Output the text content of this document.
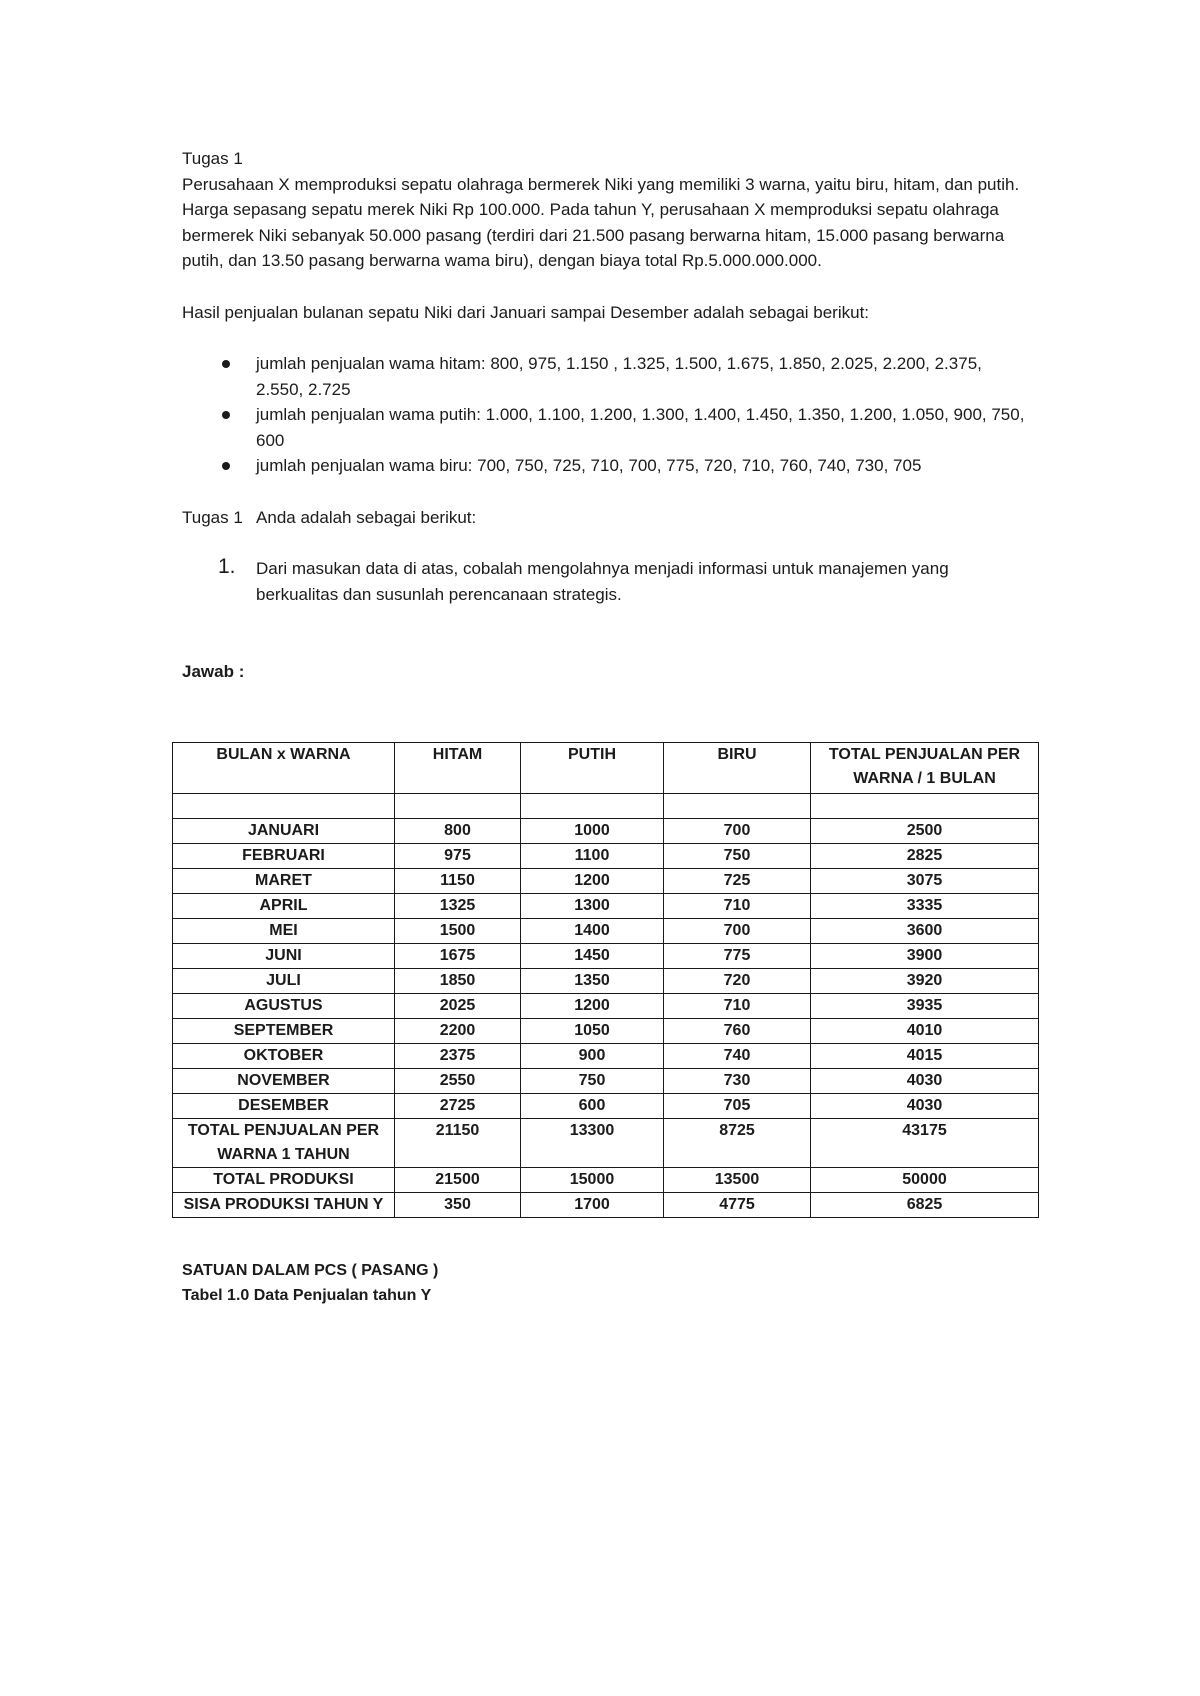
Tugas 1

Perusahaan X memproduksi sepatu olahraga bermerek Niki yang memiliki 3 warna, yaitu biru, hitam, dan putih. Harga sepasang sepatu merek Niki Rp 100.000. Pada tahun Y, perusahaan X memproduksi sepatu olahraga bermerek Niki sebanyak 50.000 pasang (terdiri dari 21.500 pasang berwarna hitam, 15.000 pasang berwarna putih, dan 13.50 pasang berwarna wama biru), dengan biaya total Rp.5.000.000.000.

Hasil penjualan bulanan sepatu Niki dari Januari sampai Desember adalah sebagai berikut:

jumlah penjualan wama hitam: 800, 975, 1.150 , 1.325, 1.500, 1.675, 1.850, 2.025, 2.200, 2.375, 2.550, 2.725
jumlah penjualan wama putih: 1.000, 1.100, 1.200, 1.300, 1.400, 1.450, 1.350, 1.200, 1.050, 900, 750, 600
jumlah penjualan wama biru: 700, 750, 725, 710, 700, 775, 720, 710, 760, 740, 730, 705

Tugas 1   Anda adalah sebagai berikut:

1. Dari masukan data di atas, cobalah mengolahnya menjadi informasi untuk manajemen yang berkualitas dan susunlah perencanaan strategis.

Jawab :

BULAN x WARNA	HITAM	PUTIH	BIRU	TOTAL PENJUALAN PER WARNA / 1 BULAN

JANUARI	800	1000	700	2500
FEBRUARI	975	1100	750	2825
MARET	1150	1200	725	3075
APRIL	1325	1300	710	3335
MEI	1500	1400	700	3600
JUNI	1675	1450	775	3900
JULI	1850	1350	720	3920
AGUSTUS	2025	1200	710	3935
SEPTEMBER	2200	1050	760	4010
OKTOBER	2375	900	740	4015
NOVEMBER	2550	750	730	4030
DESEMBER	2725	600	705	4030
TOTAL PENJUALAN PER WARNA 1 TAHUN	21150	13300	8725	43175
TOTAL PRODUKSI	21500	15000	13500	50000
SISA PRODUKSI TAHUN Y	350	1700	4775	6825
SATUAN DALAM PCS ( PASANG )
Tabel 1.0 Data Penjualan tahun Y
